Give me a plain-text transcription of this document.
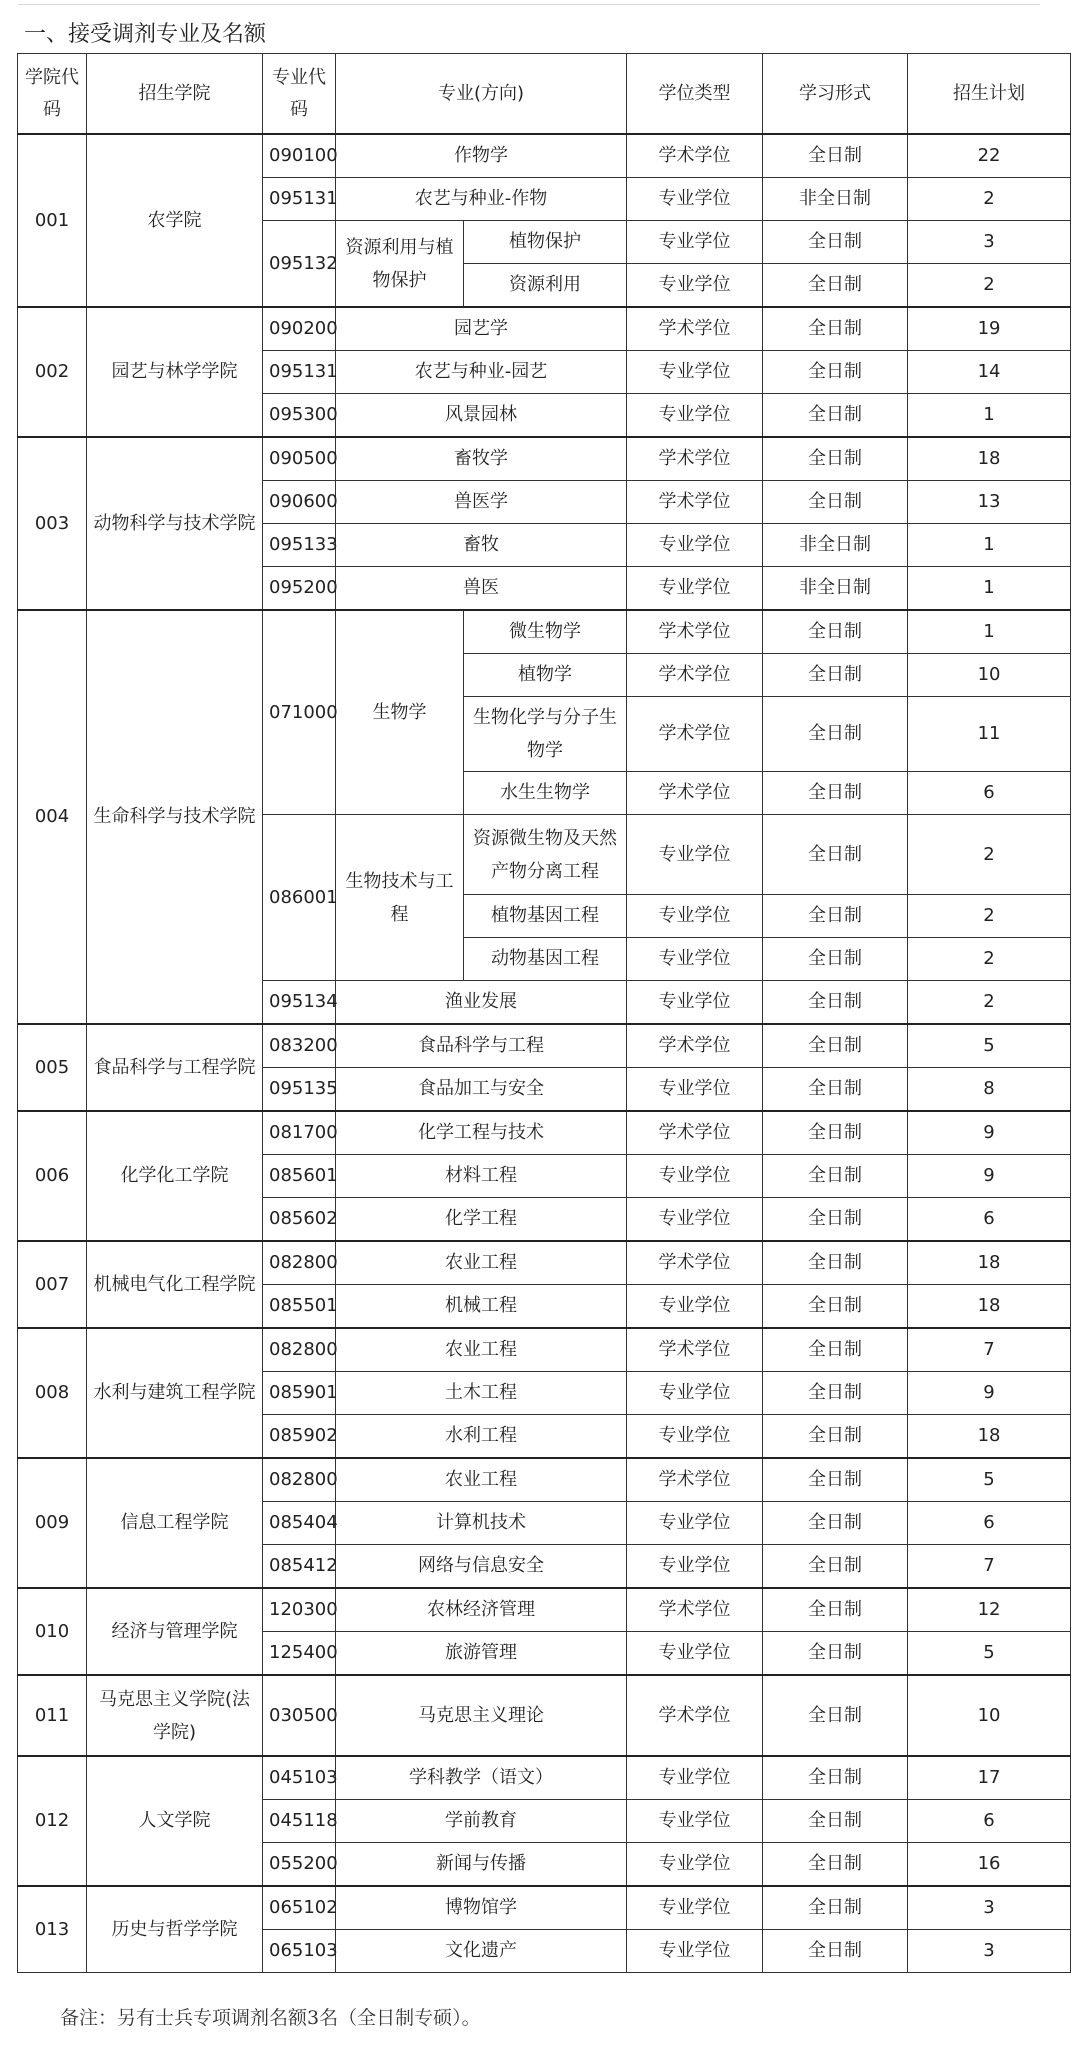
一、接受调剂专业及名额
学院代码	招生学院	专业代码	专业(方向)		学位类型	学习形式	招生计划
001	农学院	090100	作物学		学术学位	全日制	22
		095131	农艺与种业-作物		专业学位	非全日制	2
		095132	资源利用与植物保护	植物保护	专业学位	全日制	3
				资源利用	专业学位	全日制	2
002	园艺与林学学院	090200	园艺学		学术学位	全日制	19
		095131	农艺与种业-园艺		专业学位	全日制	14
		095300	风景园林		专业学位	全日制	1
003	动物科学与技术学院	090500	畜牧学		学术学位	全日制	18
		090600	兽医学		学术学位	全日制	13
		095133	畜牧		专业学位	非全日制	1
		095200	兽医		专业学位	非全日制	1
004	生命科学与技术学院	071000	生物学	微生物学	学术学位	全日制	1
				植物学	学术学位	全日制	10
				生物化学与分子生物学	学术学位	全日制	11
				水生生物学	学术学位	全日制	6
		086001	生物技术与工程	资源微生物及天然产物分离工程	专业学位	全日制	2
				植物基因工程	专业学位	全日制	2
				动物基因工程	专业学位	全日制	2
		095134	渔业发展		专业学位	全日制	2
005	食品科学与工程学院	083200	食品科学与工程		学术学位	全日制	5
		095135	食品加工与安全		专业学位	全日制	8
006	化学化工学院	081700	化学工程与技术		学术学位	全日制	9
		085601	材料工程		专业学位	全日制	9
		085602	化学工程		专业学位	全日制	6
007	机械电气化工程学院	082800	农业工程		学术学位	全日制	18
		085501	机械工程		专业学位	全日制	18
008	水利与建筑工程学院	082800	农业工程		学术学位	全日制	7
		085901	土木工程		专业学位	全日制	9
		085902	水利工程		专业学位	全日制	18
009	信息工程学院	082800	农业工程		学术学位	全日制	5
		085404	计算机技术		专业学位	全日制	6
		085412	网络与信息安全		专业学位	全日制	7
010	经济与管理学院	120300	农林经济管理		学术学位	全日制	12
		125400	旅游管理		专业学位	全日制	5
011	马克思主义学院(法学院)	030500	马克思主义理论		学术学位	全日制	10
012	人文学院	045103	学科教学（语文）		专业学位	全日制	17
		045118	学前教育		专业学位	全日制	6
		055200	新闻与传播		专业学位	全日制	16
013	历史与哲学学院	065102	博物馆学		专业学位	全日制	3
		065103	文化遗产		专业学位	全日制	3
备注：另有士兵专项调剂名额3名（全日制专硕）。
